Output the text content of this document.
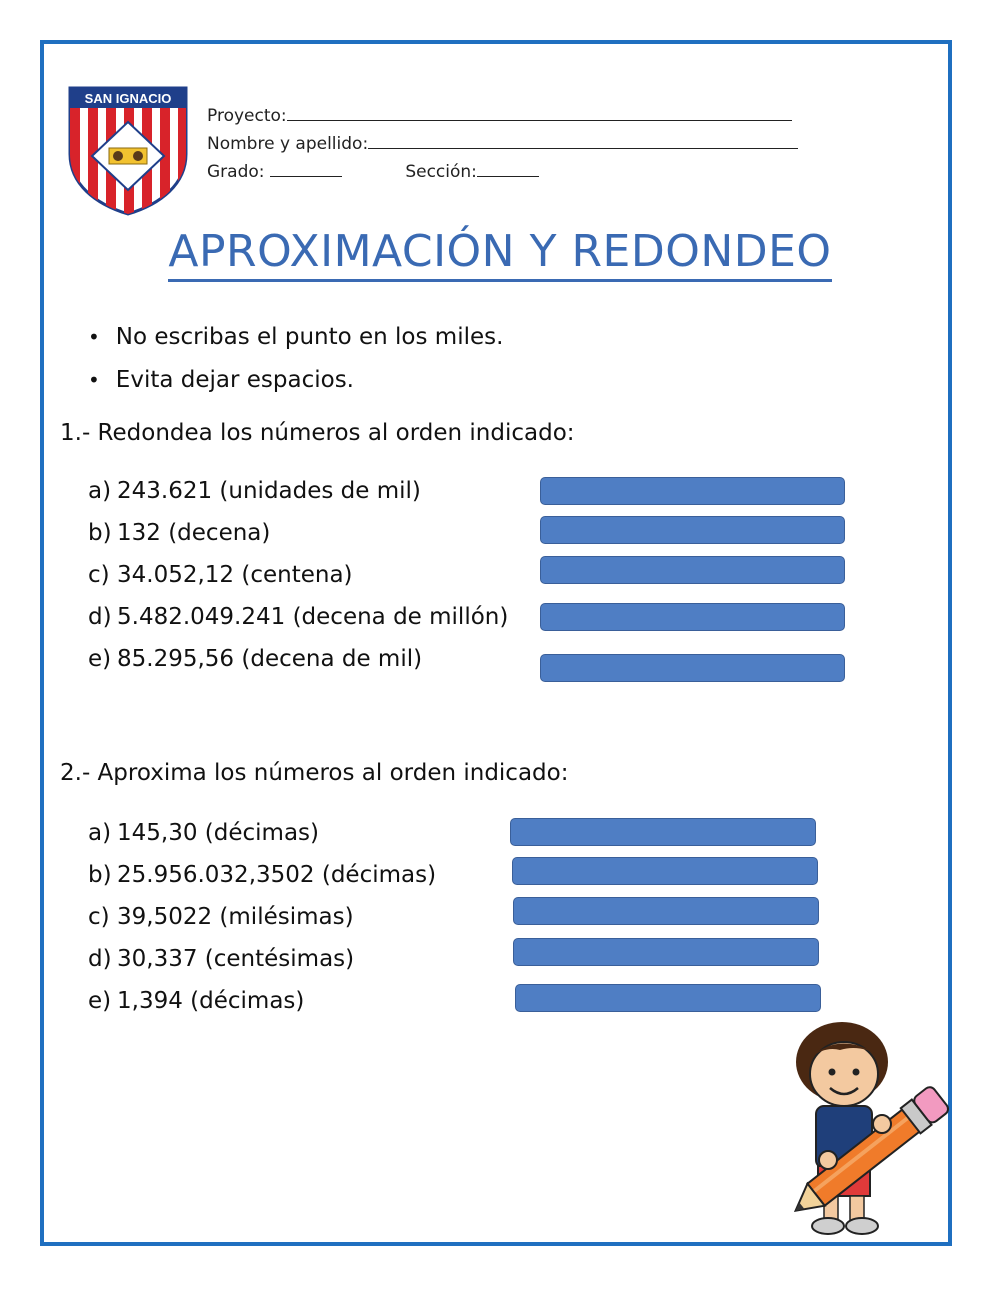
SAN IGNACIO
Proyecto:
Nombre y apellido:
Grado:	Sección:
APROXIMACIÓN Y REDONDEO
• No escribas el punto en los miles.
• Evita dejar espacios.
1.- Redondea los números al orden indicado:
a) 243.621 (unidades de mil)
b) 132 (decena)
c) 34.052,12 (centena)
d) 5.482.049.241 (decena de millón)
e) 85.295,56 (decena de mil)
2.- Aproxima los números al orden indicado:
a) 145,30 (décimas)
b) 25.956.032,3502 (décimas)
c) 39,5022 (milésimas)
d) 30,337 (centésimas)
e) 1,394 (décimas)
